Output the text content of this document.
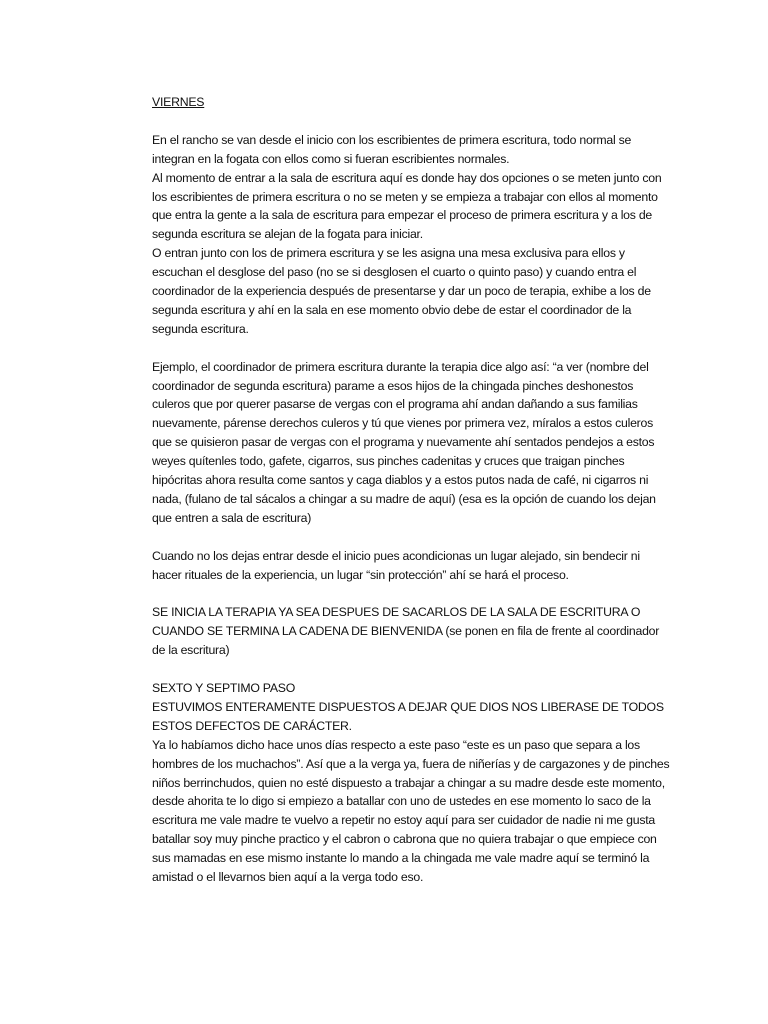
VIERNES

En el rancho se van desde el inicio con los escribientes de primera escritura, todo normal se integran en la fogata con ellos como si fueran escribientes normales.

Al momento de entrar a la sala de escritura aquí es donde hay dos opciones o se meten junto con los escribientes de primera escritura o no se meten y se empieza a trabajar con ellos al momento que entra la gente a la sala de escritura para empezar el proceso de primera escritura y a los de segunda escritura se alejan de la fogata para iniciar.

O entran junto con los de primera escritura y se les asigna una mesa exclusiva para ellos y escuchan el desglose del paso (no se si desglosen el cuarto o quinto paso) y cuando entra el coordinador de la experiencia después de presentarse y dar un poco de terapia, exhibe a los de segunda escritura y ahí en la sala en ese momento obvio debe de estar el coordinador de la segunda escritura.

Ejemplo, el coordinador de primera escritura durante la terapia dice algo así: “a ver (nombre del coordinador de segunda escritura) parame a esos hijos de la chingada pinches deshonestos culeros que por querer pasarse de vergas con el programa ahí andan dañando a sus familias nuevamente, párense derechos culeros y tú que vienes por primera vez, míralos a estos culeros que se quisieron pasar de vergas con el programa y nuevamente ahí sentados pendejos a estos weyes quítenles todo, gafete, cigarros, sus pinches cadenitas y cruces que traigan pinches hipócritas ahora resulta come santos y caga diablos y a estos putos nada de café, ni cigarros ni nada, (fulano de tal sácalos a chingar a su madre de aquí) (esa es la opción de cuando los dejan que entren a sala de escritura)

Cuando no los dejas entrar desde el inicio pues acondicionas un lugar alejado, sin bendecir ni hacer rituales de la experiencia, un lugar “sin protección” ahí se hará el proceso.

SE INICIA LA TERAPIA YA SEA DESPUES DE SACARLOS DE LA SALA DE ESCRITURA O CUANDO SE TERMINA LA CADENA DE BIENVENIDA (se ponen en fila de frente al coordinador de la escritura)

SEXTO Y SEPTIMO PASO

ESTUVIMOS ENTERAMENTE DISPUESTOS A DEJAR QUE DIOS NOS LIBERASE DE TODOS ESTOS DEFECTOS DE CARÁCTER.

Ya lo habíamos dicho hace unos días respecto a este paso “este es un paso que separa a los hombres de los muchachos”. Así que a la verga ya, fuera de niñerías y de cargazones y de pinches niños berrinchudos, quien no esté dispuesto a trabajar a chingar a su madre desde este momento, desde ahorita te lo digo si empiezo a batallar con uno de ustedes en ese momento lo saco de la escritura me vale madre te vuelvo a repetir no estoy aquí para ser cuidador de nadie ni me gusta batallar soy muy pinche practico y el cabron o cabrona que no quiera trabajar o que empiece con sus mamadas en ese mismo instante lo mando a la chingada me vale madre aquí se terminó la amistad o el llevarnos bien aquí a la verga todo eso.
